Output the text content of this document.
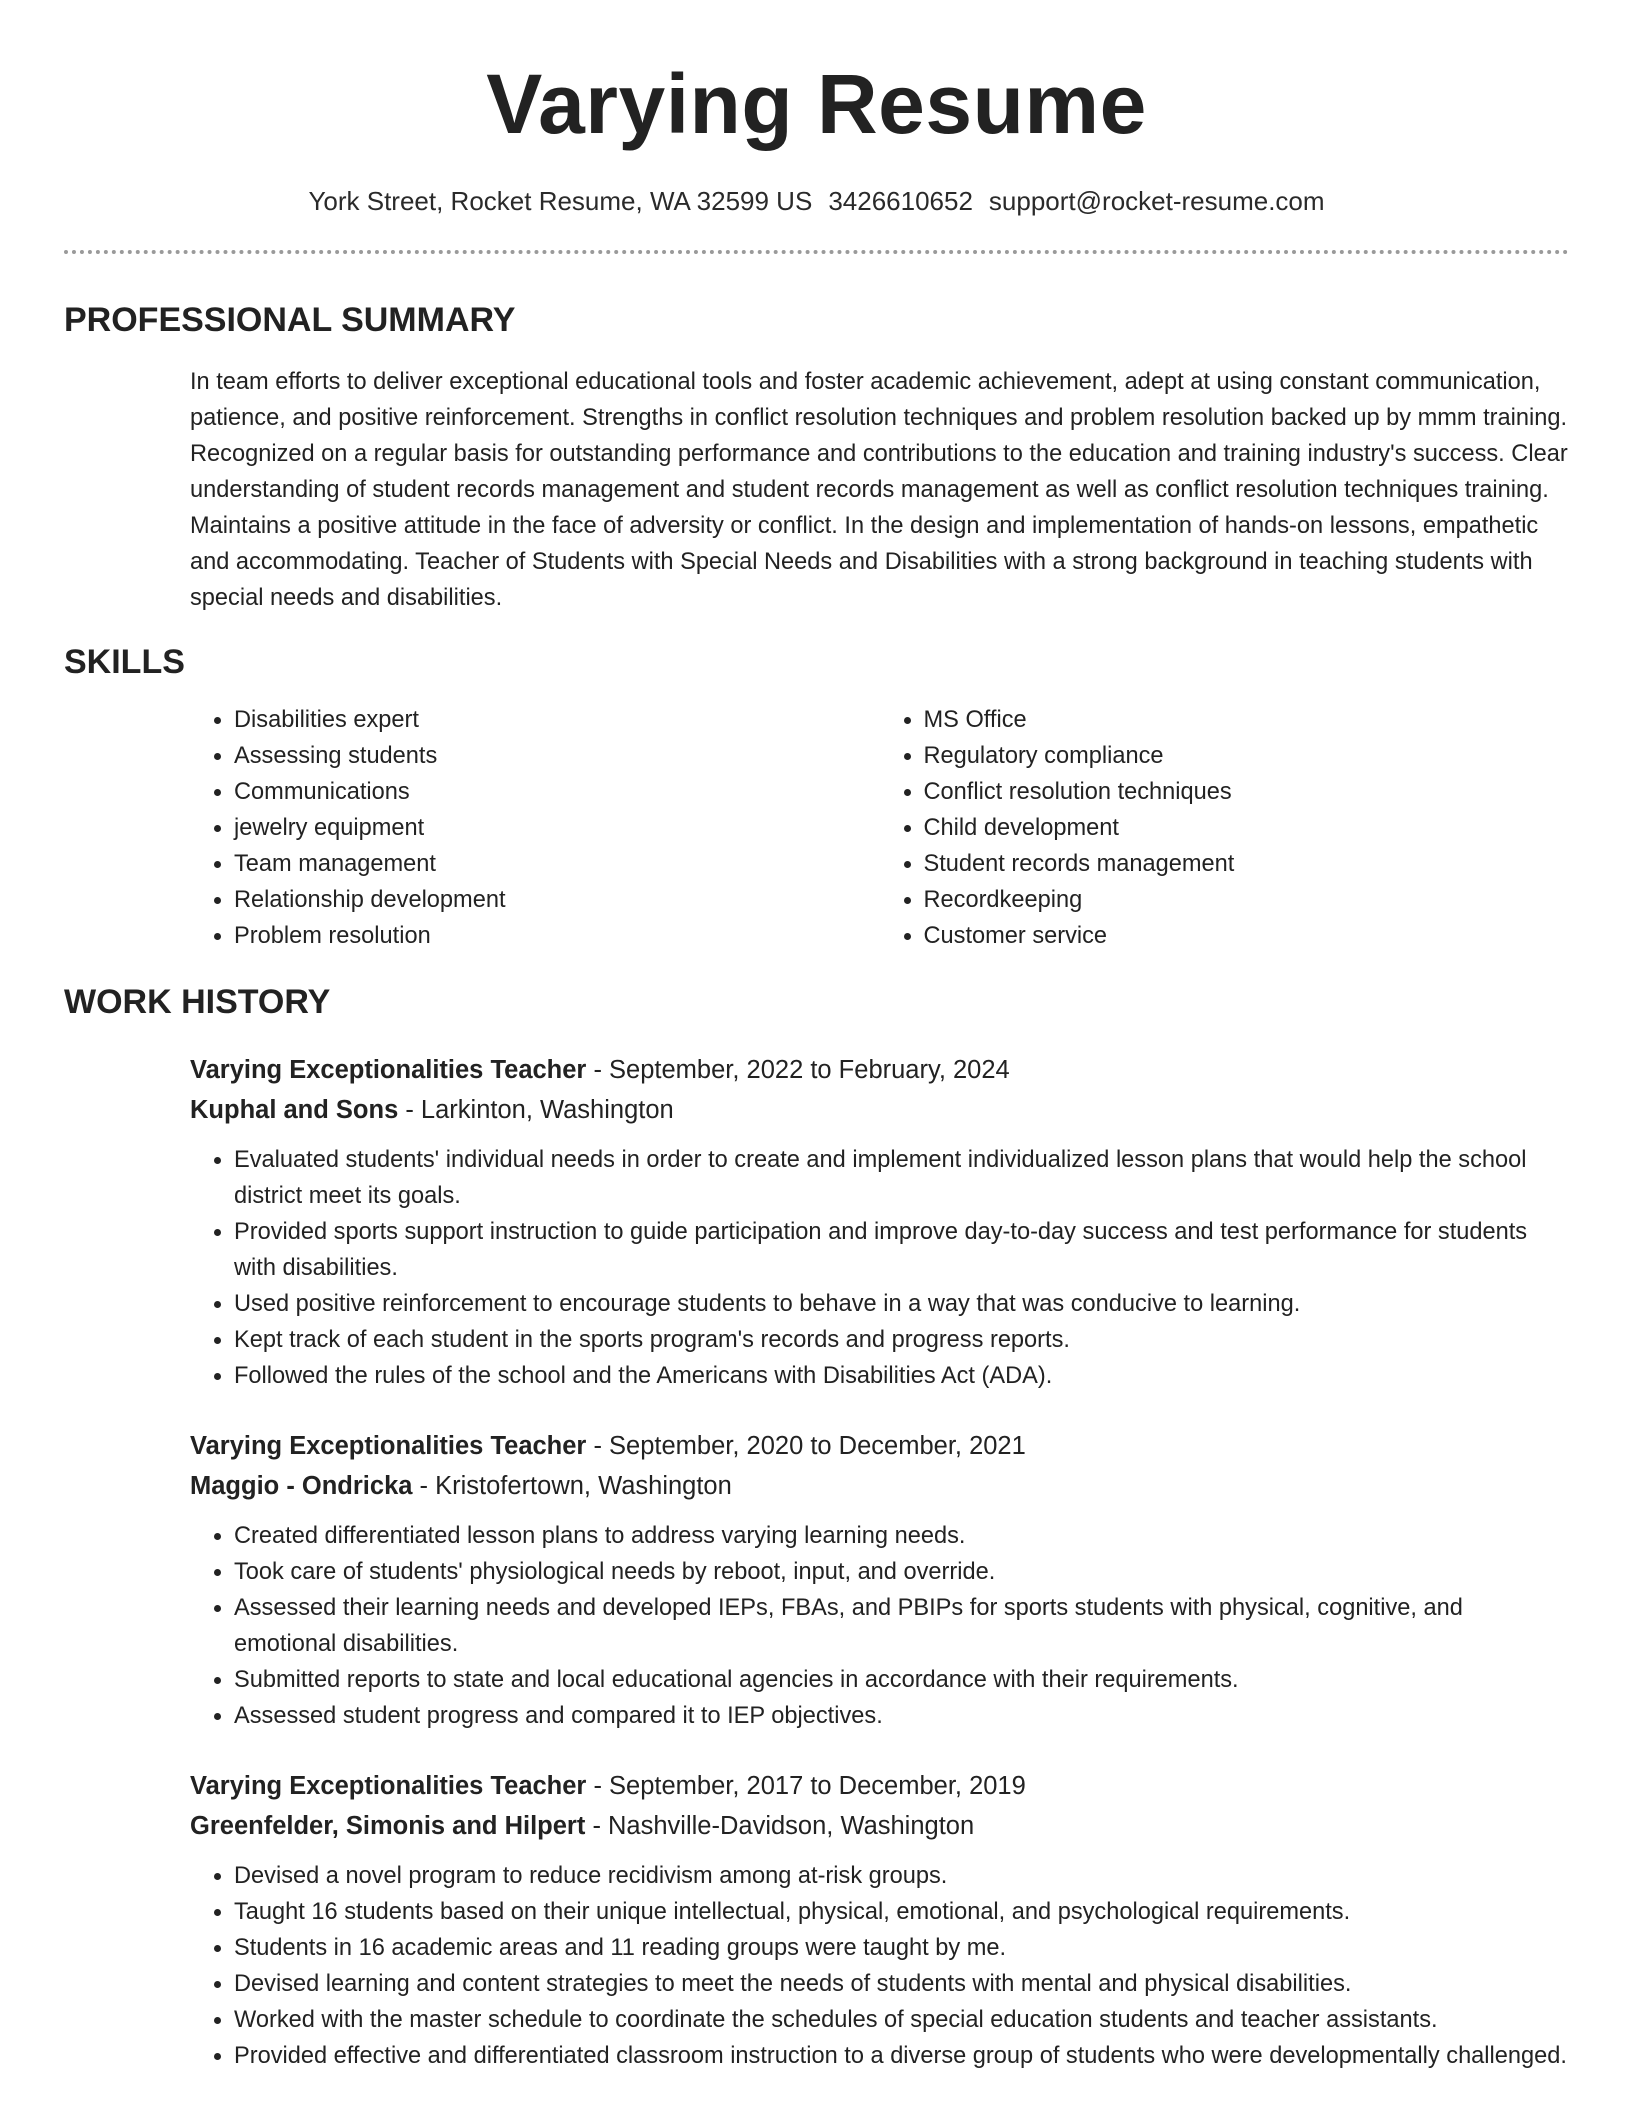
Varying Resume
York Street, Rocket Resume, WA 32599 US 3426610652 support@rocket-resume.com
PROFESSIONAL SUMMARY
In team efforts to deliver exceptional educational tools and foster academic achievement, adept at using constant communication, patience, and positive reinforcement. Strengths in conflict resolution techniques and problem resolution backed up by mmm training. Recognized on a regular basis for outstanding performance and contributions to the education and training industry's success. Clear understanding of student records management and student records management as well as conflict resolution techniques training. Maintains a positive attitude in the face of adversity or conflict. In the design and implementation of hands-on lessons, empathetic and accommodating. Teacher of Students with Special Needs and Disabilities with a strong background in teaching students with special needs and disabilities.
SKILLS
• Disabilities expert
• Assessing students
• Communications
• jewelry equipment
• Team management
• Relationship development
• Problem resolution
• MS Office
• Regulatory compliance
• Conflict resolution techniques
• Child development
• Student records management
• Recordkeeping
• Customer service
WORK HISTORY
Varying Exceptionalities Teacher - September, 2022 to February, 2024
Kuphal and Sons - Larkinton, Washington
• Evaluated students' individual needs in order to create and implement individualized lesson plans that would help the school district meet its goals.
• Provided sports support instruction to guide participation and improve day-to-day success and test performance for students with disabilities.
• Used positive reinforcement to encourage students to behave in a way that was conducive to learning.
• Kept track of each student in the sports program's records and progress reports.
• Followed the rules of the school and the Americans with Disabilities Act (ADA).
Varying Exceptionalities Teacher - September, 2020 to December, 2021
Maggio - Ondricka - Kristofertown, Washington
• Created differentiated lesson plans to address varying learning needs.
• Took care of students' physiological needs by reboot, input, and override.
• Assessed their learning needs and developed IEPs, FBAs, and PBIPs for sports students with physical, cognitive, and emotional disabilities.
• Submitted reports to state and local educational agencies in accordance with their requirements.
• Assessed student progress and compared it to IEP objectives.
Varying Exceptionalities Teacher - September, 2017 to December, 2019
Greenfelder, Simonis and Hilpert - Nashville-Davidson, Washington
• Devised a novel program to reduce recidivism among at-risk groups.
• Taught 16 students based on their unique intellectual, physical, emotional, and psychological requirements.
• Students in 16 academic areas and 11 reading groups were taught by me.
• Devised learning and content strategies to meet the needs of students with mental and physical disabilities.
• Worked with the master schedule to coordinate the schedules of special education students and teacher assistants.
• Provided effective and differentiated classroom instruction to a diverse group of students who were developmentally challenged.
